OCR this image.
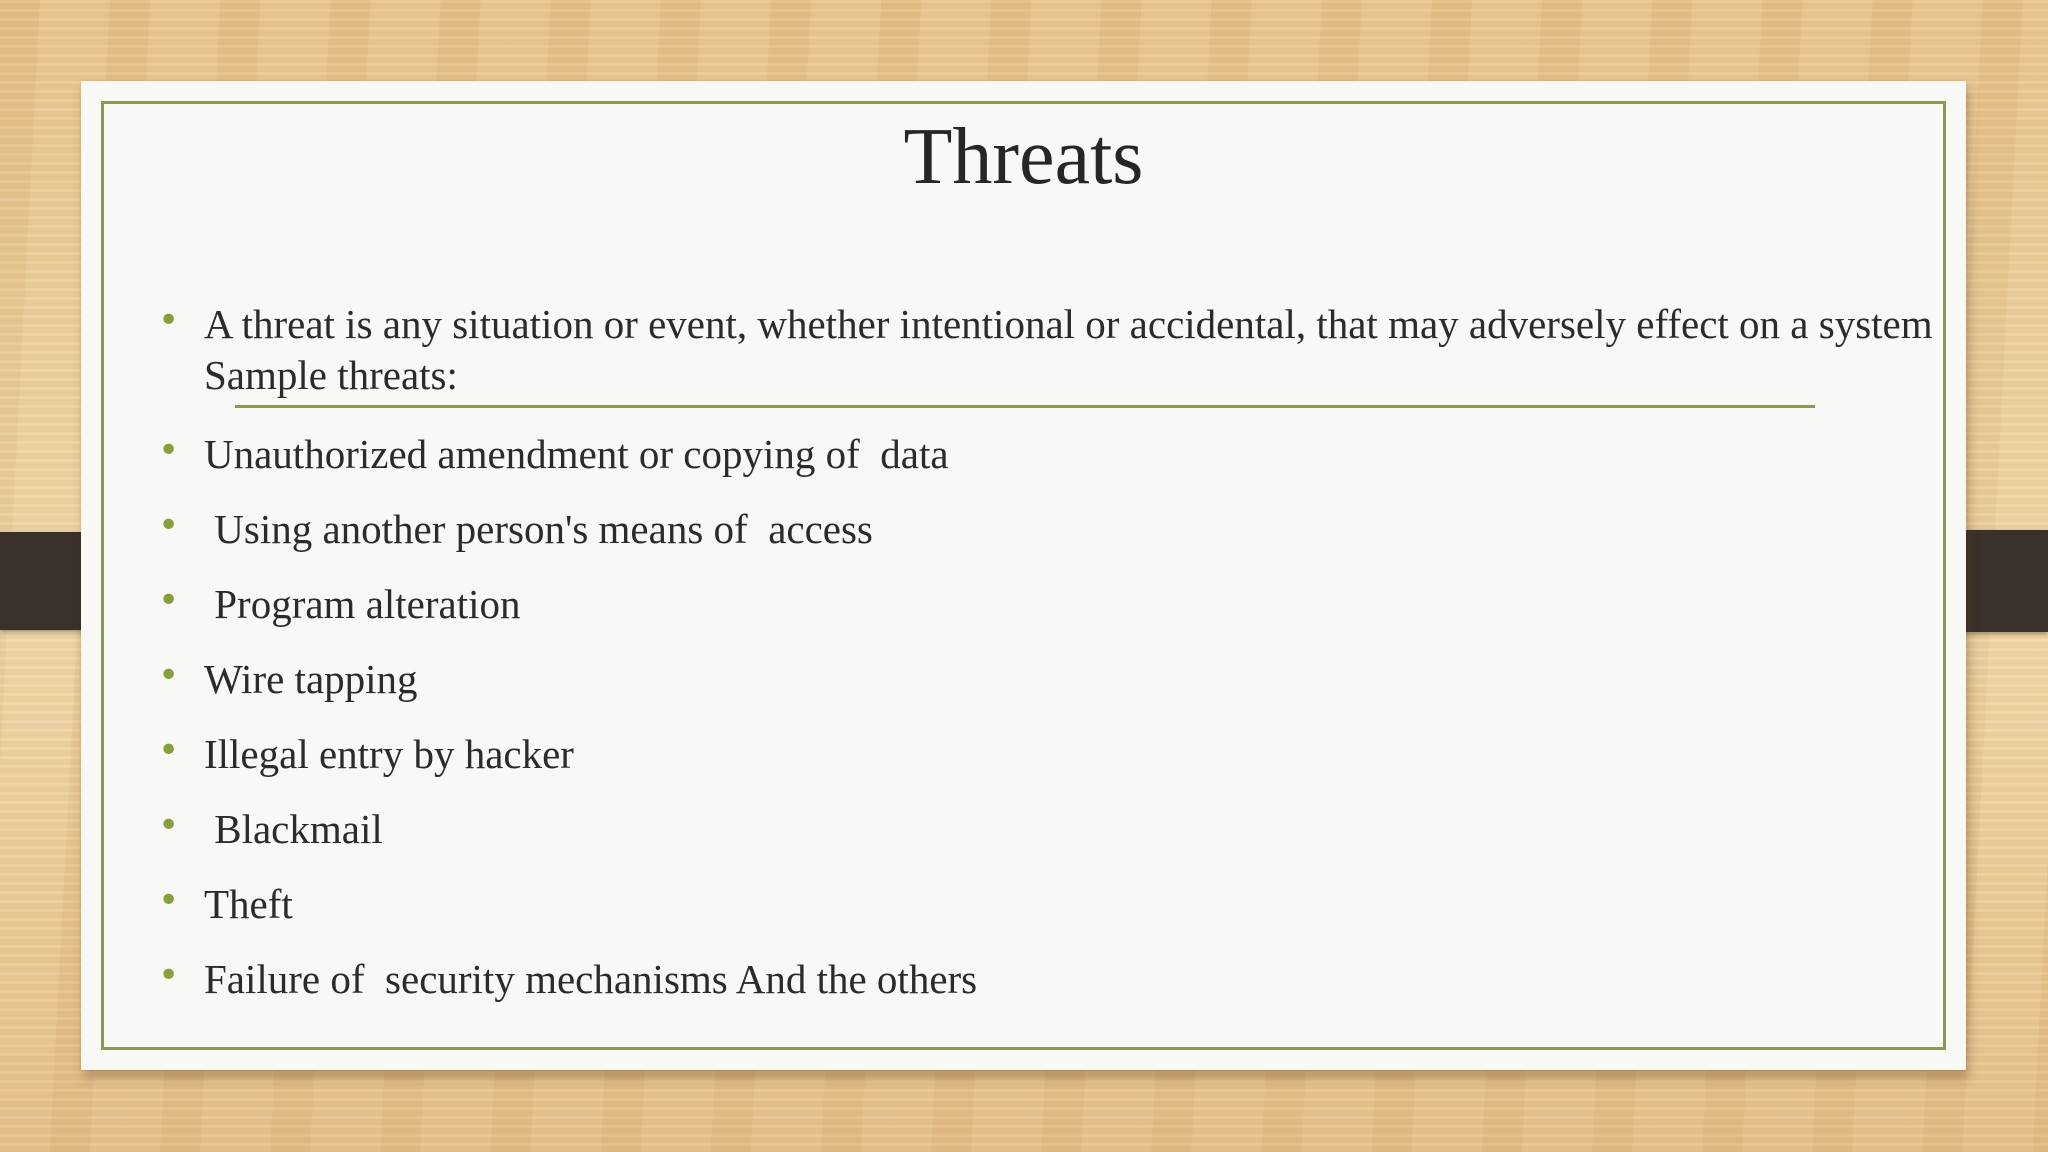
Threats
• A threat is any situation or event, whether intentional or accidental, that may adversely effect on a system Sample threats:
• Unauthorized amendment or copying of  data
• Using another person's means of  access
• Program alteration
• Wire tapping
• Illegal entry by hacker
• Blackmail
• Theft
• Failure of  security mechanisms And the others
